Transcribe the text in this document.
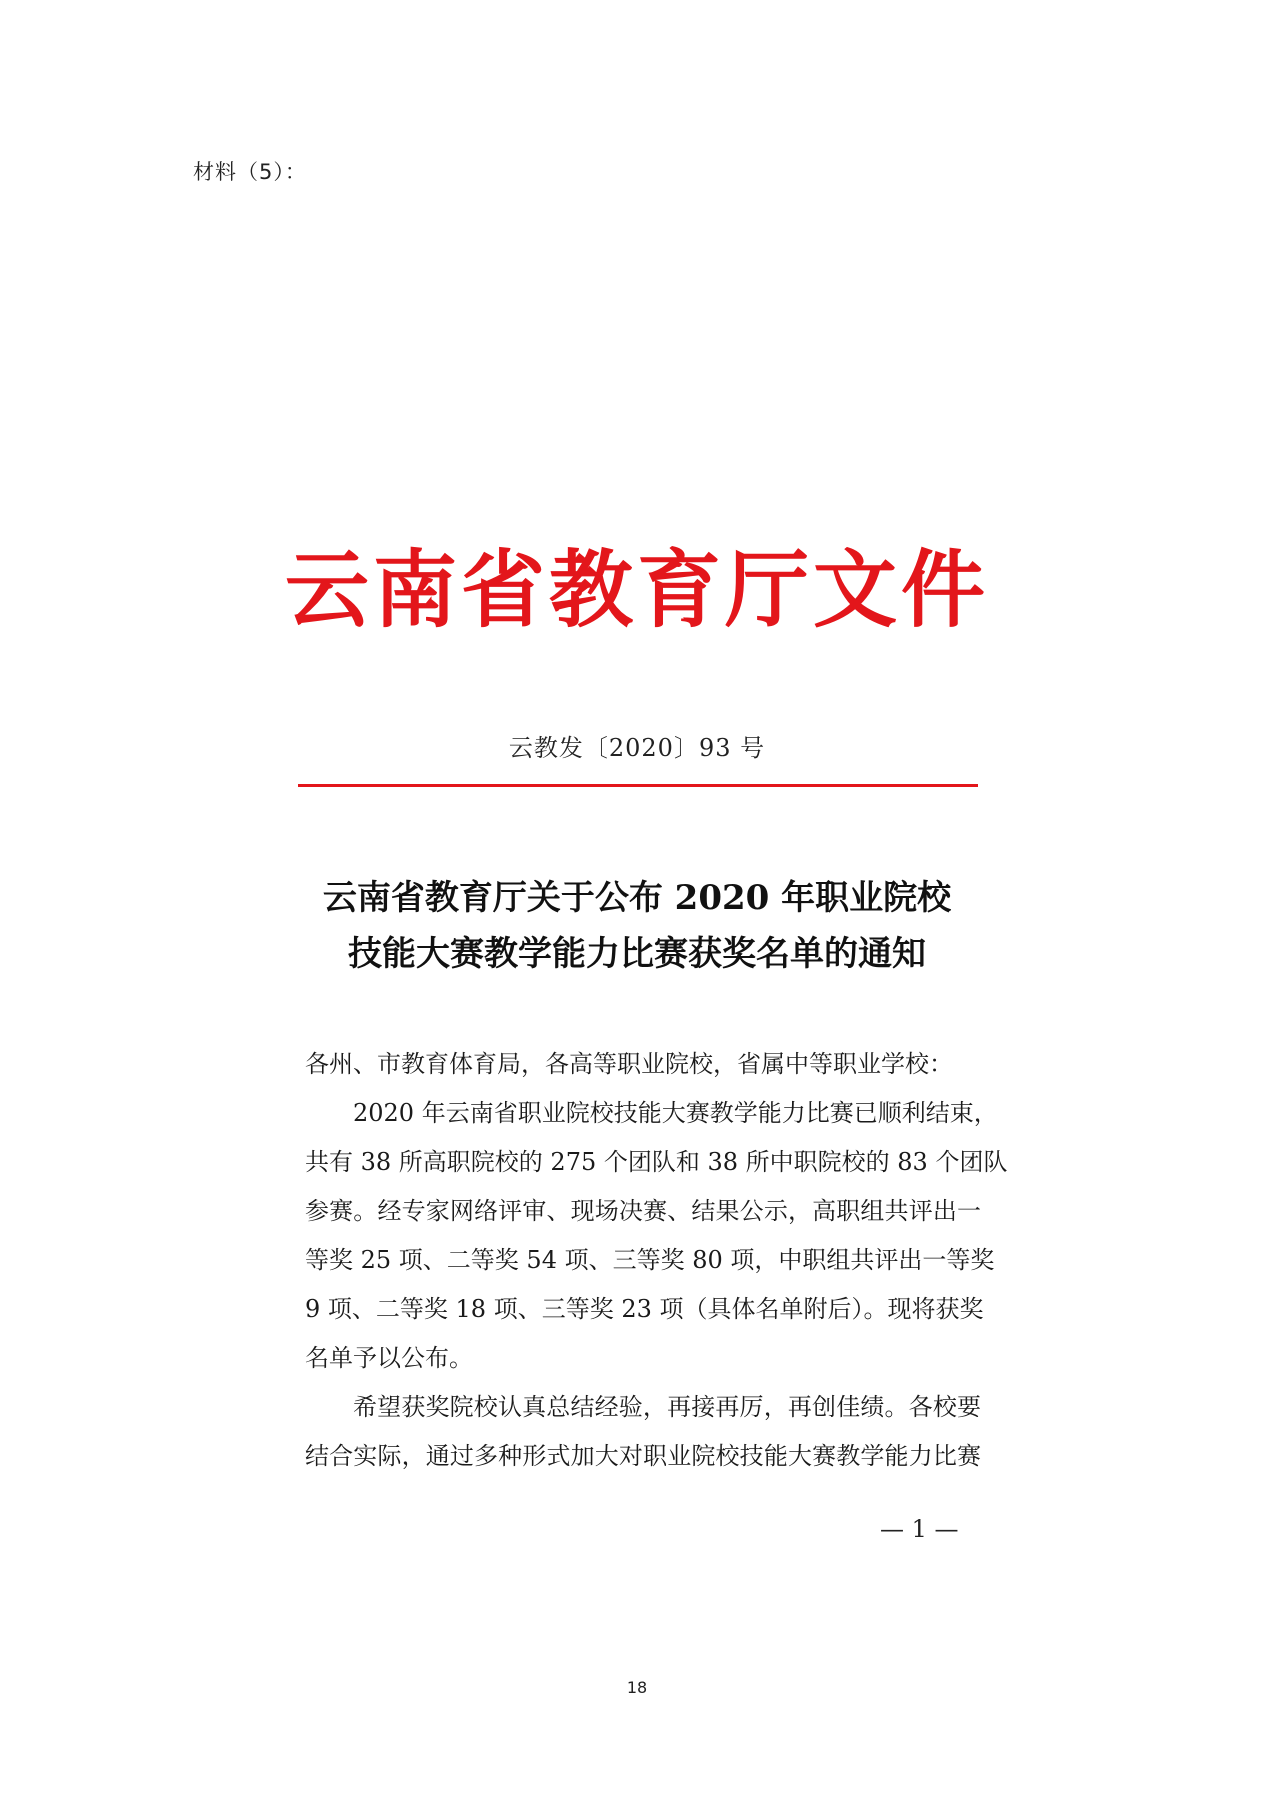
材料（5）：
云南省教育厅文件
云教发〔2020〕93 号
云南省教育厅关于公布 2020 年职业院校
技能大赛教学能力比赛获奖名单的通知
各州、市教育体育局，各高等职业院校，省属中等职业学校：
2020 年云南省职业院校技能大赛教学能力比赛已顺利结束，
共有 38 所高职院校的 275 个团队和 38 所中职院校的 83 个团队
参赛。经专家网络评审、现场决赛、结果公示，高职组共评出一
等奖 25 项、二等奖 54 项、三等奖 80 项，中职组共评出一等奖
9 项、二等奖 18 项、三等奖 23 项（具体名单附后）。现将获奖
名单予以公布。
希望获奖院校认真总结经验，再接再厉，再创佳绩。各校要
结合实际，通过多种形式加大对职业院校技能大赛教学能力比赛
— 1 —
18
